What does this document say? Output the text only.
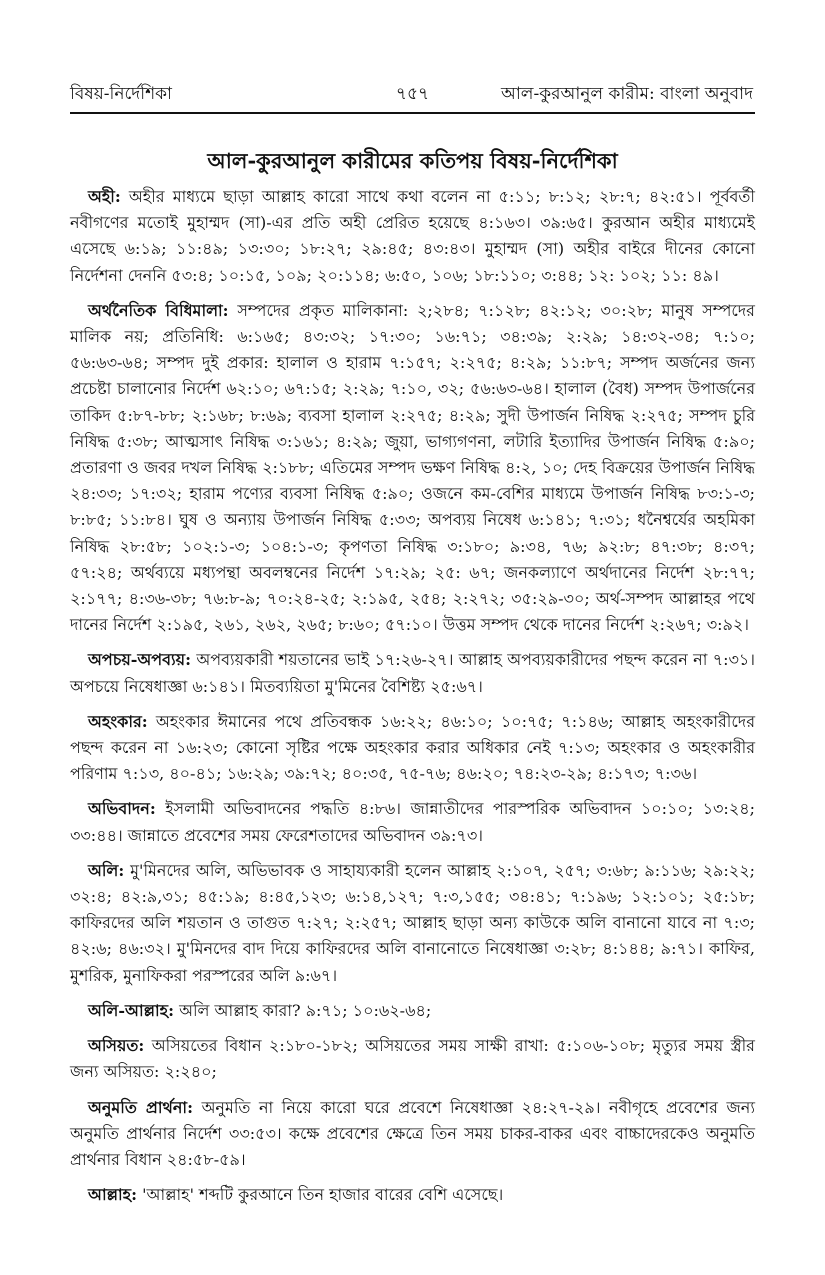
বিষয়-নির্দেশিকা	৭৫৭	আল-কুরআনুল কারীম: বাংলা অনুবাদ
আল-কুরআনুল কারীমের কতিপয় বিষয়-নির্দেশিকা

অহী: অহীর মাধ্যমে ছাড়া আল্লাহ কারো সাথে কথা বলেন না ৫:১১; ৮:১২; ২৮:৭; ৪২:৫১। পূর্ববর্তী নবীগণের মতোই মুহাম্মদ (সা)-এর প্রতি অহী প্রেরিত হয়েছে ৪:১৬৩। ৩৯:৬৫। কুরআন অহীর মাধ্যমেই এসেছে ৬:১৯; ১১:৪৯; ১৩:৩০; ১৮:২৭; ২৯:৪৫; ৪৩:৪৩। মুহাম্মদ (সা) অহীর বাইরে দীনের কোনো নির্দেশনা দেননি ৫৩:৪; ১০:১৫, ১০৯; ২০:১১৪; ৬:৫০, ১০৬; ১৮:১১০; ৩:৪৪; ১২: ১০২; ১১: ৪৯।

অর্থনৈতিক বিধিমালা: সম্পদের প্রকৃত মালিকানা: ২;২৮৪; ৭:১২৮; ৪২:১২; ৩০:২৮; মানুষ সম্পদের মালিক নয়; প্রতিনিধি: ৬:১৬৫; ৪৩:৩২; ১৭:৩০; ১৬:৭১; ৩৪:৩৯; ২:২৯; ১৪:৩২-৩৪; ৭:১০; ৫৬:৬৩-৬৪; সম্পদ দুই প্রকার: হালাল ও হারাম ৭:১৫৭; ২:২৭৫; ৪:২৯; ১১:৮৭; সম্পদ অর্জনের জন্য প্রচেষ্টা চালানোর নির্দেশ ৬২:১০; ৬৭:১৫; ২:২৯; ৭:১০, ৩২; ৫৬:৬৩-৬৪। হালাল (বৈধ) সম্পদ উপার্জনের তাকিদ ৫:৮৭-৮৮; ২:১৬৮; ৮:৬৯; ব্যবসা হালাল ২:২৭৫; ৪:২৯; সুদী উপার্জন নিষিদ্ধ ২:২৭৫; সম্পদ চুরি নিষিদ্ধ ৫:৩৮; আত্মসাৎ নিষিদ্ধ ৩:১৬১; ৪:২৯; জুয়া, ভাগ্যগণনা, লটারি ইত্যাদির উপার্জন নিষিদ্ধ ৫:৯০; প্রতারণা ও জবর দখল নিষিদ্ধ ২:১৮৮; এতিমের সম্পদ ভক্ষণ নিষিদ্ধ ৪:২, ১০; দেহ বিক্রয়ের উপার্জন নিষিদ্ধ ২৪:৩৩; ১৭:৩২; হারাম পণ্যের ব্যবসা নিষিদ্ধ ৫:৯০; ওজনে কম-বেশির মাধ্যমে উপার্জন নিষিদ্ধ ৮৩:১-৩; ৮:৮৫; ১১:৮৪। ঘুষ ও অন্যায় উপার্জন নিষিদ্ধ ৫:৩৩; অপব্যয় নিষেধ ৬:১৪১; ৭:৩১; ধনৈশ্বর্যের অহমিকা নিষিদ্ধ ২৮:৫৮; ১০২:১-৩; ১০৪:১-৩; কৃপণতা নিষিদ্ধ ৩:১৮০; ৯:৩৪, ৭৬; ৯২:৮; ৪৭:৩৮; ৪:৩৭; ৫৭:২৪; অর্থব্যয়ে মধ্যপন্থা অবলম্বনের নির্দেশ ১৭:২৯; ২৫: ৬৭; জনকল্যাণে অর্থদানের নির্দেশ ২৮:৭৭; ২:১৭৭; ৪:৩৬-৩৮; ৭৬:৮-৯; ৭০:২৪-২৫; ২:১৯৫, ২৫৪; ২:২৭২; ৩৫:২৯-৩০; অর্থ-সম্পদ আল্লাহর পথে দানের নির্দেশ ২:১৯৫, ২৬১, ২৬২, ২৬৫; ৮:৬০; ৫৭:১০। উত্তম সম্পদ থেকে দানের নির্দেশ ২:২৬৭; ৩:৯২।

অপচয়-অপব্যয়: অপব্যয়কারী শয়তানের ভাই ১৭:২৬-২৭। আল্লাহ অপব্যয়কারীদের পছন্দ করেন না ৭:৩১। অপচয়ে নিষেধাজ্ঞা ৬:১৪১। মিতব্যয়িতা মু'মিনের বৈশিষ্ট্য ২৫:৬৭।

অহংকার: অহংকার ঈমানের পথে প্রতিবন্ধক ১৬:২২; ৪৬:১০; ১০:৭৫; ৭:১৪৬; আল্লাহ অহংকারীদের পছন্দ করেন না ১৬:২৩; কোনো সৃষ্টির পক্ষে অহংকার করার অধিকার নেই ৭:১৩; অহংকার ও অহংকারীর পরিণাম ৭:১৩, ৪০-৪১; ১৬:২৯; ৩৯:৭২; ৪০:৩৫, ৭৫-৭৬; ৪৬:২০; ৭৪:২৩-২৯; ৪:১৭৩; ৭:৩৬।

অভিবাদন: ইসলামী অভিবাদনের পদ্ধতি ৪:৮৬। জান্নাতীদের পারস্পরিক অভিবাদন ১০:১০; ১৩:২৪; ৩৩:৪৪। জান্নাতে প্রবেশের সময় ফেরেশতাদের অভিবাদন ৩৯:৭৩।

অলি: মু'মিনদের অলি, অভিভাবক ও সাহায্যকারী হলেন আল্লাহ ২:১০৭, ২৫৭; ৩:৬৮; ৯:১১৬; ২৯:২২; ৩২:৪; ৪২:৯,৩১; ৪৫:১৯; ৪:৪৫,১২৩; ৬:১৪,১২৭; ৭:৩,১৫৫; ৩৪:৪১; ৭:১৯৬; ১২:১০১; ২৫:১৮; কাফিরদের অলি শয়তান ও তাগুত ৭:২৭; ২:২৫৭; আল্লাহ ছাড়া অন্য কাউকে অলি বানানো যাবে না ৭:৩; ৪২:৬; ৪৬:৩২। মু'মিনদের বাদ দিয়ে কাফিরদের অলি বানানোতে নিষেধাজ্ঞা ৩:২৮; ৪:১৪৪; ৯:৭১। কাফির, মুশরিক, মুনাফিকরা পরস্পরের অলি ৯:৬৭।

অলি-আল্লাহ: অলি আল্লাহ কারা? ৯:৭১; ১০:৬২-৬৪;

অসিয়ত: অসিয়তের বিধান ২:১৮০-১৮২; অসিয়তের সময় সাক্ষী রাখা: ৫:১০৬-১০৮; মৃত্যুর সময় স্ত্রীর জন্য অসিয়ত: ২:২৪০;

অনুমতি প্রার্থনা: অনুমতি না নিয়ে কারো ঘরে প্রবেশে নিষেধাজ্ঞা ২৪:২৭-২৯। নবীগৃহে প্রবেশের জন্য অনুমতি প্রার্থনার নির্দেশ ৩৩:৫৩। কক্ষে প্রবেশের ক্ষেত্রে তিন সময় চাকর-বাকর এবং বাচ্চাদেরকেও অনুমতি প্রার্থনার বিধান ২৪:৫৮-৫৯।

আল্লাহ: 'আল্লাহ' শব্দটি কুরআনে তিন হাজার বারের বেশি এসেছে।
